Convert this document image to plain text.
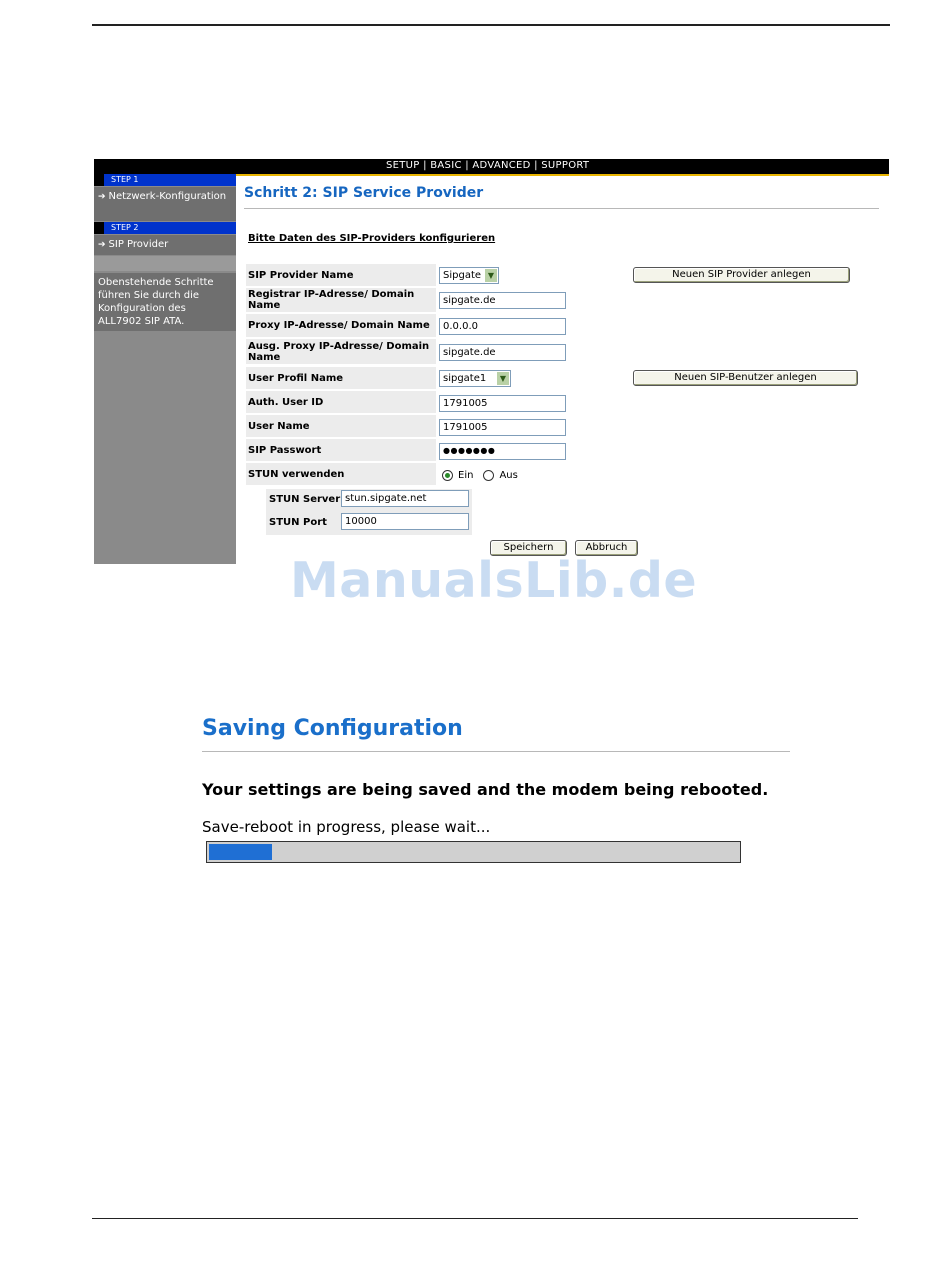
SETUP | BASIC | ADVANCED | SUPPORT
STEP 1
➔ Netzwerk-Konfiguration
STEP 2
➔ SIP Provider
Obenstehende Schritte führen Sie durch die Konfiguration des ALL7902 SIP ATA.
Schritt 2: SIP Service Provider
Bitte Daten des SIP-Providers konfigurieren
SIP Provider Name	Sipgate ▼	Neuen SIP Provider anlegen
Registrar IP-Adresse/ Domain Name	sipgate.de
Proxy IP-Adresse/ Domain Name	0.0.0.0
Ausg. Proxy IP-Adresse/ Domain Name	sipgate.de
User Profil Name	sipgate1	▼	Neuen SIP-Benutzer anlegen
Auth. User ID	1791005
User Name	1791005
SIP Passwort	●●●●●●●
STUN verwenden	Ein	Aus
STUN Server stun.sipgate.net
STUN Port	10000
Speichern	Abbruch
ManualsLib.de
Saving Configuration
Your settings are being saved and the modem being rebooted.
Save-reboot in progress, please wait...
